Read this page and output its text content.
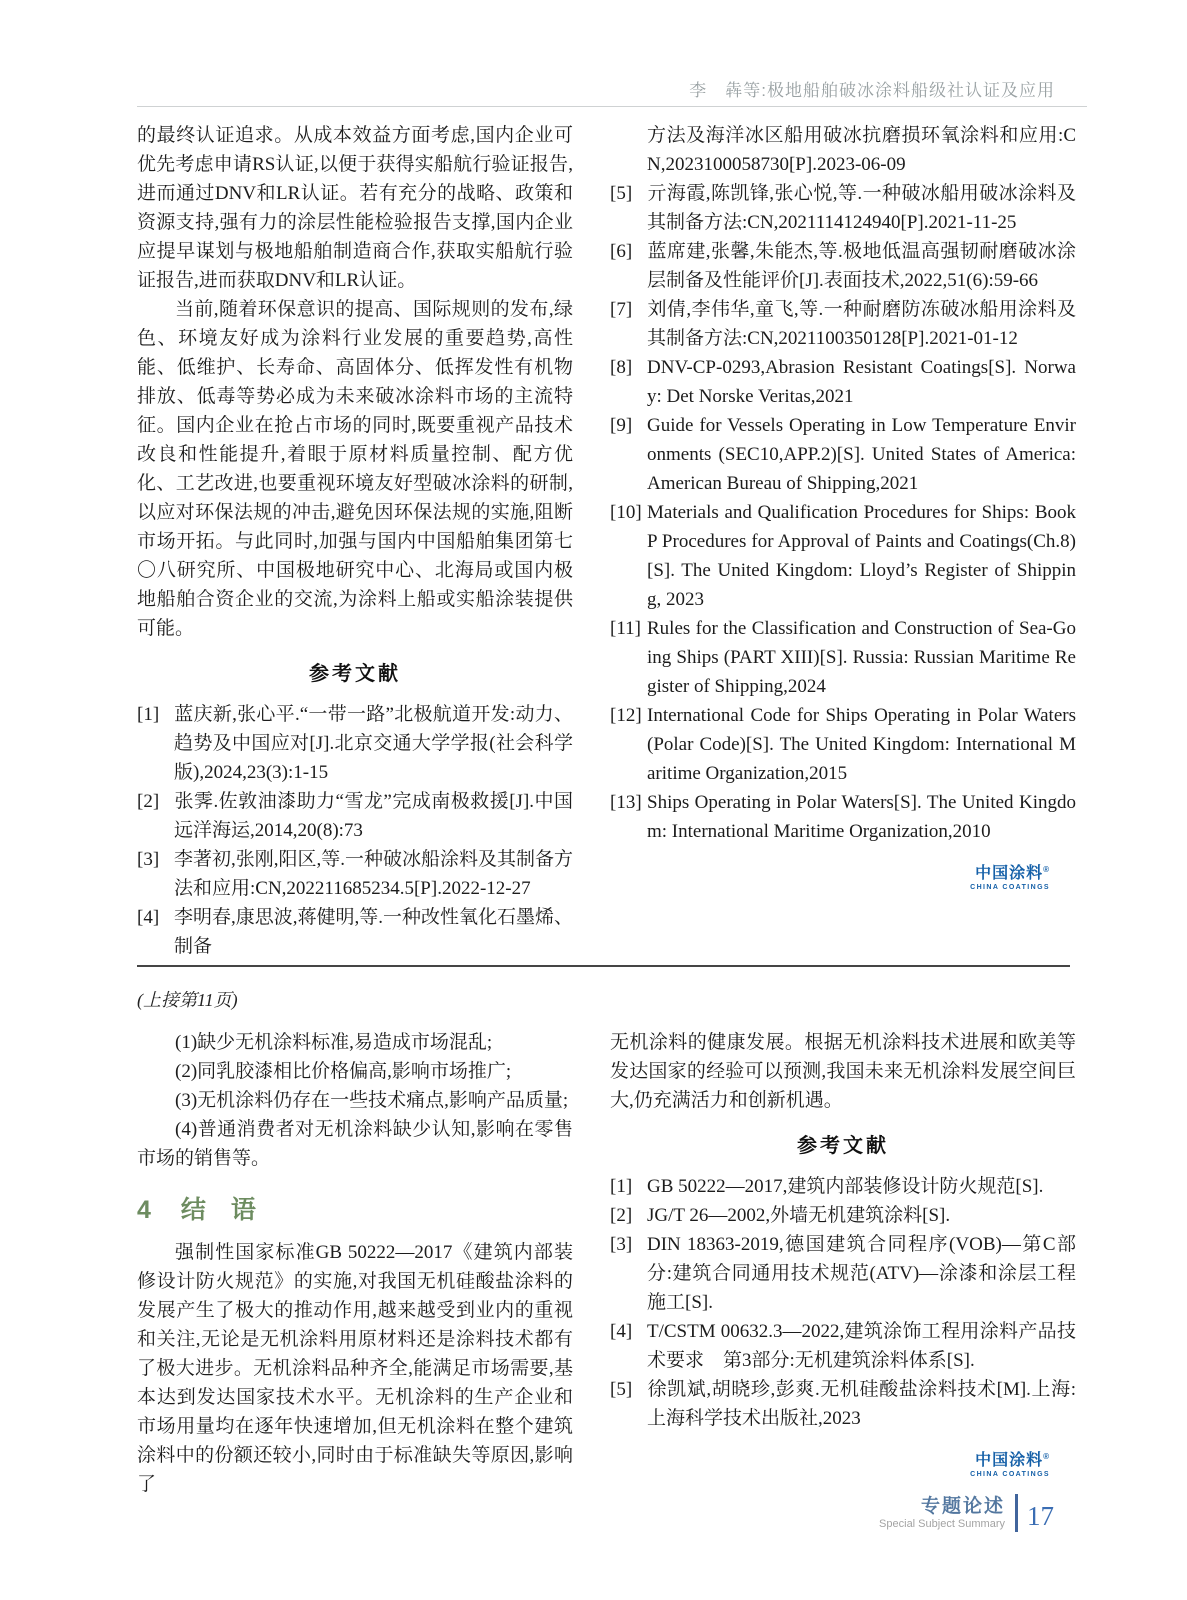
李　犇等:极地船舶破冰涂料船级社认证及应用

的最终认证追求。从成本效益方面考虑,国内企业可优先考虑申请RS认证,以便于获得实船航行验证报告,进而通过DNV和LR认证。若有充分的战略、政策和资源支持,强有力的涂层性能检验报告支撑,国内企业应提早谋划与极地船舶制造商合作,获取实船航行验证报告,进而获取DNV和LR认证。

当前,随着环保意识的提高、国际规则的发布,绿色、环境友好成为涂料行业发展的重要趋势,高性能、低维护、长寿命、高固体分、低挥发性有机物排放、低毒等势必成为未来破冰涂料市场的主流特征。国内企业在抢占市场的同时,既要重视产品技术改良和性能提升,着眼于原材料质量控制、配方优化、工艺改进,也要重视环境友好型破冰涂料的研制,以应对环保法规的冲击,避免因环保法规的实施,阻断市场开拓。与此同时,加强与国内中国船舶集团第七〇八研究所、中国极地研究中心、北海局或国内极地船舶合资企业的交流,为涂料上船或实船涂装提供可能。

参考文献
[1] 蓝庆新,张心平.“一带一路”北极航道开发:动力、趋势及中国应对[J].北京交通大学学报(社会科学版),2024,23(3):1-15
[2] 张霁.佐敦油漆助力“雪龙”完成南极救援[J].中国远洋海运,2014,20(8):73
[3] 李著初,张刚,阳区,等.一种破冰船涂料及其制备方法和应用:CN,202211685234.5[P].2022-12-27
[4] 李明春,康思波,蒋健明,等.一种改性氧化石墨烯、制备
方法及海洋冰区船用破冰抗磨损环氧涂料和应用:CN,2023100058730[P].2023-06-09
[5] 亓海霞,陈凯锋,张心悦,等.一种破冰船用破冰涂料及其制备方法:CN,2021114124940[P].2021-11-25
[6] 蓝席建,张馨,朱能杰,等.极地低温高强韧耐磨破冰涂层制备及性能评价[J].表面技术,2022,51(6):59-66
[7] 刘倩,李伟华,童飞,等.一种耐磨防冻破冰船用涂料及其制备方法:CN,2021100350128[P].2021-01-12
[8] DNV-CP-0293,Abrasion Resistant Coatings[S]. Norway: Det Norske Veritas,2021
[9] Guide for Vessels Operating in Low Temperature Environments (SEC10,APP.2)[S]. United States of America: American Bureau of Shipping,2021
[10] Materials and Qualification Procedures for Ships: Book P Procedures for Approval of Paints and Coatings(Ch.8)[S]. The United Kingdom: Lloyd’s Register of Shipping, 2023
[11] Rules for the Classification and Construction of Sea-Going Ships (PART XIII)[S]. Russia: Russian Maritime Register of Shipping,2024
[12] International Code for Ships Operating in Polar Waters (Polar Code)[S]. The United Kingdom: International Maritime Organization,2015
[13] Ships Operating in Polar Waters[S]. The United Kingdom: International Maritime Organization,2010
中国涂料®
CHINA COATINGS
(上接第11页)

(1)缺少无机涂料标准,易造成市场混乱;

(2)同乳胶漆相比价格偏高,影响市场推广;

(3)无机涂料仍存在一些技术痛点,影响产品质量;

(4)普通消费者对无机涂料缺少认知,影响在零售市场的销售等。

4 结　语

强制性国家标准GB 50222—2017《建筑内部装修设计防火规范》的实施,对我国无机硅酸盐涂料的发展产生了极大的推动作用,越来越受到业内的重视和关注,无论是无机涂料用原材料还是涂料技术都有了极大进步。无机涂料品种齐全,能满足市场需要,基本达到发达国家技术水平。无机涂料的生产企业和市场用量均在逐年快速增加,但无机涂料在整个建筑涂料中的份额还较小,同时由于标准缺失等原因,影响了

无机涂料的健康发展。根据无机涂料技术进展和欧美等发达国家的经验可以预测,我国未来无机涂料发展空间巨大,仍充满活力和创新机遇。

参考文献
[1] GB 50222—2017,建筑内部装修设计防火规范[S].
[2] JG/T 26—2002,外墙无机建筑涂料[S].
[3] DIN 18363-2019,德国建筑合同程序(VOB)—第C部分:建筑合同通用技术规范(ATV)—涂漆和涂层工程施工[S].
[4] T/CSTM 00632.3—2022,建筑涂饰工程用涂料产品技术要求　第3部分:无机建筑涂料体系[S].
[5] 徐凯斌,胡晓珍,彭爽.无机硅酸盐涂料技术[M].上海:上海科学技术出版社,2023
中国涂料®
CHINA COATINGS
专题论述
Special Subject Summary 17
